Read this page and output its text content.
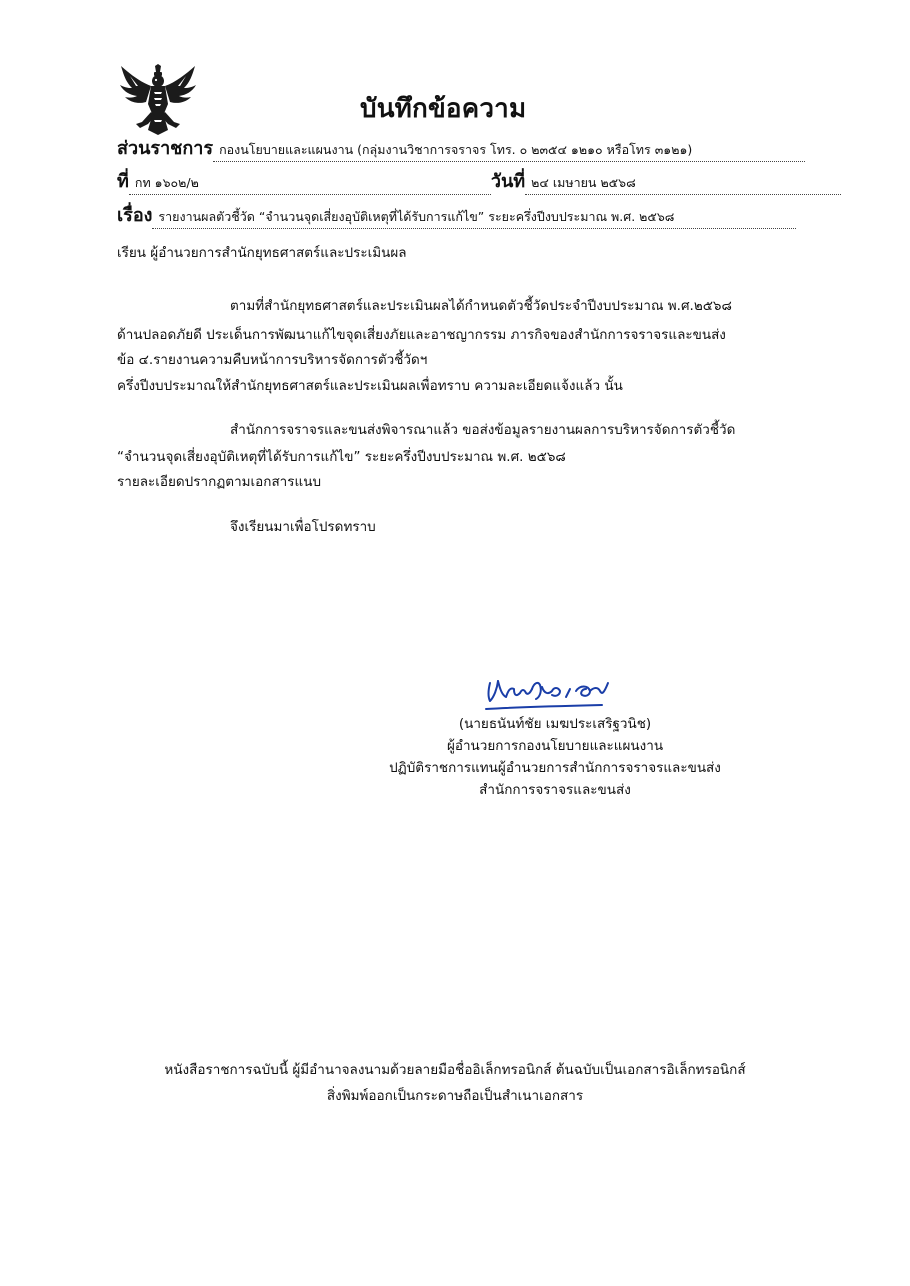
บันทึกข้อความ
ส่วนราชการ กองนโยบายและแผนงาน (กลุ่มงานวิชาการจราจร โทร. ๐ ๒๓๕๔ ๑๒๑๐ หรือโทร ๓๑๒๑)
ที่ กท ๑๖๐๒/๒	วันที่ ๒๔ เมษายน ๒๕๖๘
เรื่อง รายงานผลตัวชี้วัด “จำนวนจุดเสี่ยงอุบัติเหตุที่ได้รับการแก้ไข” ระยะครึ่งปีงบประมาณ พ.ศ. ๒๕๖๘
เรียน ผู้อำนวยการสำนักยุทธศาสตร์และประเมินผล
ตามที่สำนักยุทธศาสตร์และประเมินผลได้กำหนดตัวชี้วัดประจำปีงบประมาณ พ.ศ.๒๕๖๘
ด้านปลอดภัยดี ประเด็นการพัฒนาแก้ไขจุดเสี่ยงภัยและอาชญากรรม ภารกิจของสำนักการจราจรและขนส่ง
ข้อ ๔.รายงานความคืบหน้าการบริหารจัดการตัวชี้วัดฯ
ครึ่งปีงบประมาณให้สำนักยุทธศาสตร์และประเมินผลเพื่อทราบ ความละเอียดแจ้งแล้ว นั้น
สำนักการจราจรและขนส่งพิจารณาแล้ว ขอส่งข้อมูลรายงานผลการบริหารจัดการตัวชี้วัด
“จำนวนจุดเสี่ยงอุบัติเหตุที่ได้รับการแก้ไข” ระยะครึ่งปีงบประมาณ พ.ศ. ๒๕๖๘
รายละเอียดปรากฏตามเอกสารแนบ
จึงเรียนมาเพื่อโปรดทราบ
(นายธนันท์ชัย เมฆประเสริฐวนิช)
ผู้อำนวยการกองนโยบายและแผนงาน
ปฏิบัติราชการแทนผู้อำนวยการสำนักการจราจรและขนส่ง
สำนักการจราจรและขนส่ง
หนังสือราชการฉบับนี้ ผู้มีอำนาจลงนามด้วยลายมือชื่ออิเล็กทรอนิกส์ ต้นฉบับเป็นเอกสารอิเล็กทรอนิกส์
สิ่งพิมพ์ออกเป็นกระดาษถือเป็นสำเนาเอกสาร
